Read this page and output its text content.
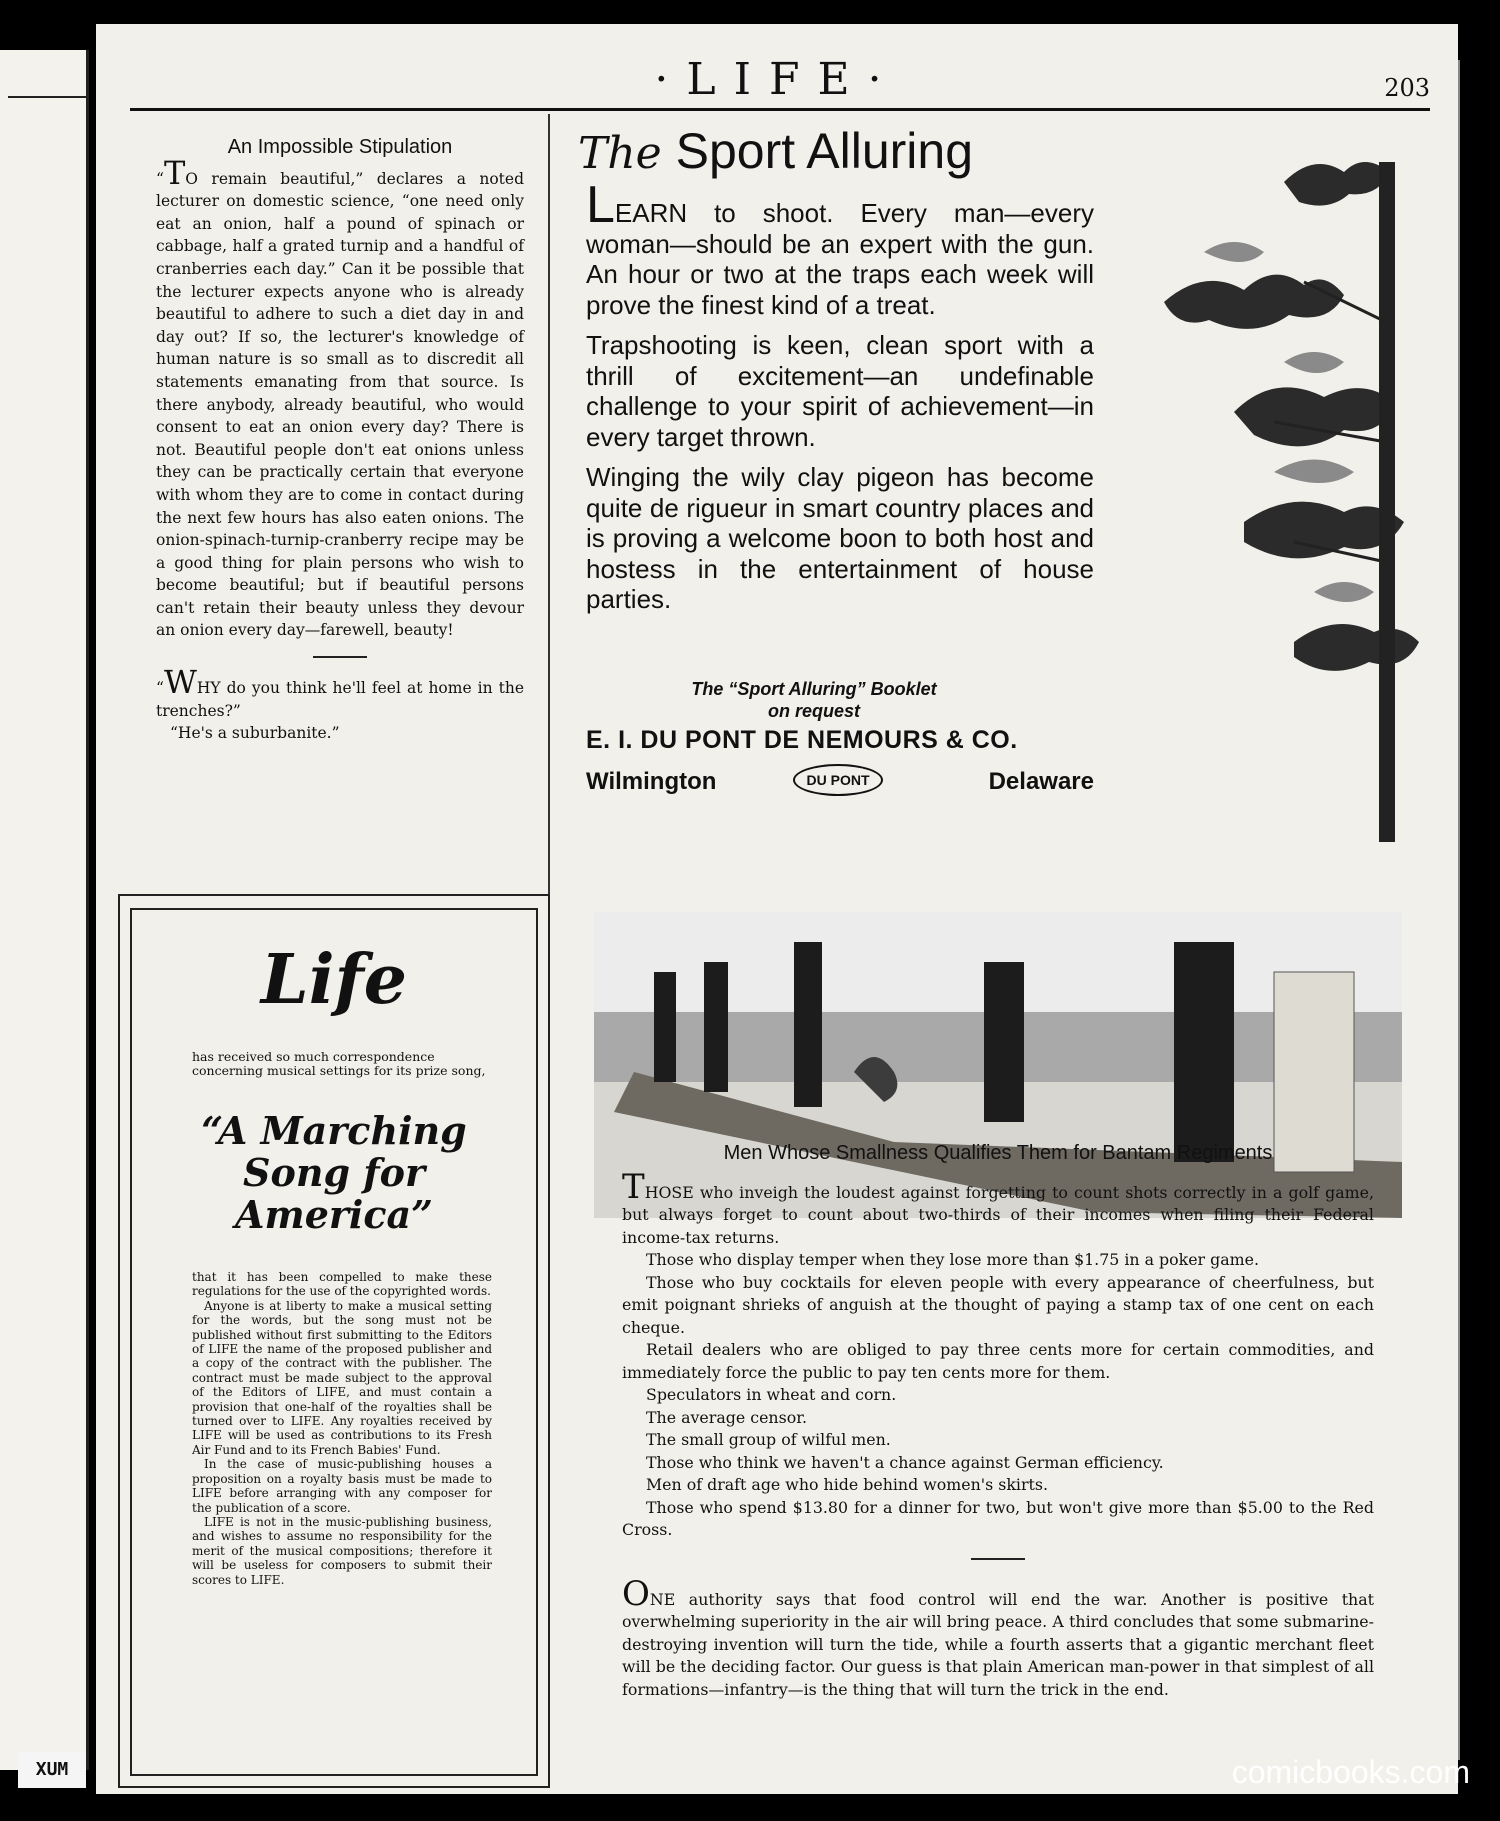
·LIFE·	203
An Impossible Stipulation

“TO remain beautiful,” declares a noted lecturer on domestic science, “one need only eat an onion, half a pound of spinach or cabbage, half a grated turnip and a handful of cranberries each day.” Can it be possible that the lecturer expects anyone who is already beautiful to adhere to such a diet day in and day out? If so, the lecturer's knowledge of human nature is so small as to discredit all statements emanating from that source. Is there anybody, already beautiful, who would consent to eat an onion every day? There is not. Beautiful people don't eat onions unless they can be practically certain that everyone with whom they are to come in contact during the next few hours has also eaten onions. The onion-spinach-turnip-cranberry recipe may be a good thing for plain persons who wish to become beautiful; but if beautiful persons can't retain their beauty unless they devour an onion every day—farewell, beauty!

“WHY do you think he'll feel at home in the trenches?”

“He's a suburbanite.”

Life
has received so much correspondence concerning musical settings for its prize song,
“A Marching Song for America”

that it has been compelled to make these regulations for the use of the copyrighted words.

Anyone is at liberty to make a musical setting for the words, but the song must not be published without first submitting to the Editors of LIFE the name of the proposed publisher and a copy of the contract with the publisher. The contract must be made subject to the approval of the Editors of LIFE, and must contain a provision that one-half of the royalties shall be turned over to LIFE. Any royalties received by LIFE will be used as contributions to its Fresh Air Fund and to its French Babies' Fund.

In the case of music-publishing houses a proposition on a royalty basis must be made to LIFE before arranging with any composer for the publication of a score.

LIFE is not in the music-publishing business, and wishes to assume no responsibility for the merit of the musical compositions; therefore it will be useless for composers to submit their scores to LIFE.

The Sport Alluring

LEARN to shoot. Every man—every woman—should be an expert with the gun. An hour or two at the traps each week will prove the finest kind of a treat.

Trapshooting is keen, clean sport with a thrill of excitement—an undefinable challenge to your spirit of achievement—in every target thrown.

Winging the wily clay pigeon has become quite de rigueur in smart country places and is proving a welcome boon to both host and hostess in the entertainment of house parties.

The “Sport Alluring” Booklet
on request
E. I. DU PONT DE NEMOURS & CO.
Wilmington	DU PONT	Delaware
Men Whose Smallness Qualifies Them for Bantam Regiments

THOSE who inveigh the loudest against forgetting to count shots correctly in a golf game, but always forget to count about two-thirds of their incomes when filing their Federal income-tax returns.

Those who display temper when they lose more than $1.75 in a poker game.

Those who buy cocktails for eleven people with every appearance of cheerfulness, but emit poignant shrieks of anguish at the thought of paying a stamp tax of one cent on each cheque.

Retail dealers who are obliged to pay three cents more for certain commodities, and immediately force the public to pay ten cents more for them.

Speculators in wheat and corn.

The average censor.

The small group of wilful men.

Those who think we haven't a chance against German efficiency.

Men of draft age who hide behind women's skirts.

Those who spend $13.80 for a dinner for two, but won't give more than $5.00 to the Red Cross.

ONE authority says that food control will end the war. Another is positive that overwhelming superiority in the air will bring peace. A third concludes that some submarine-destroying invention will turn the tide, while a fourth asserts that a gigantic merchant fleet will be the deciding factor. Our guess is that plain American man-power in that simplest of all formations—infantry—is the thing that will turn the trick in the end.

XUM	comicbooks.com
